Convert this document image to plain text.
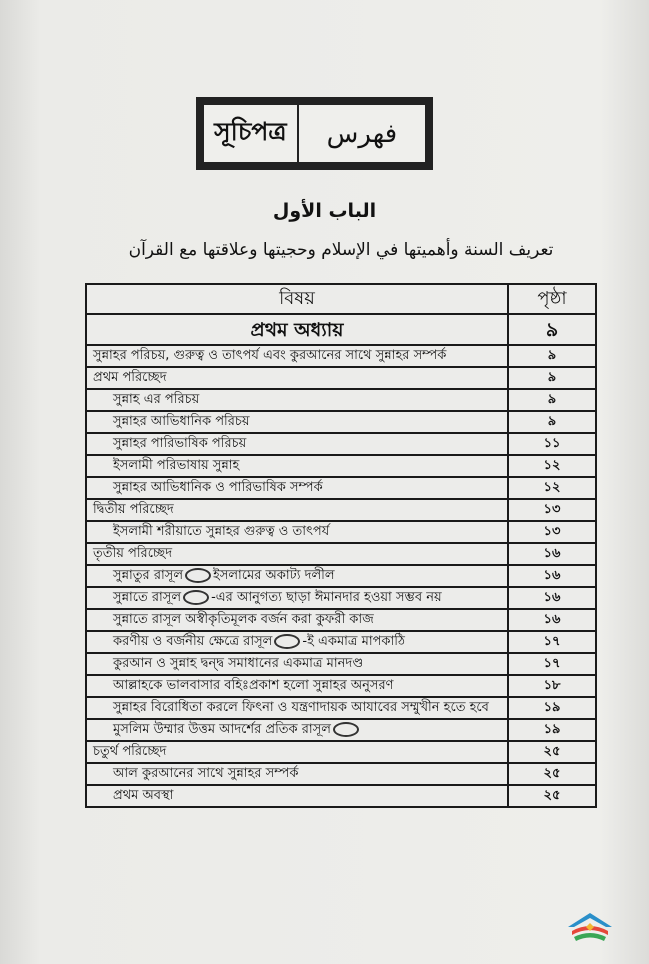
সূচিপত্র	فهرس
الباب الأول
تعريف السنة وأهميتها في الإسلام وحجيتها وعلاقتها مع القرآن
বিষয়	পৃষ্ঠা
প্রথম অধ্যায়	৯
সুন্নাহর পরিচয়, গুরুত্ব ও তাৎপর্য এবং কুরআনের সাথে সুন্নাহর সম্পর্ক	৯
প্রথম পরিচ্ছেদ	৯
সুন্নাহ এর পরিচয়	৯
সুন্নাহর আভিধানিক পরিচয়	৯
সুন্নাহর পারিভাষিক পরিচয়	১১
ইসলামী পরিভাষায় সুন্নাহ	১২
সুন্নাহর আভিধানিক ও পারিভাষিক সম্পর্ক	১২
দ্বিতীয় পরিচ্ছেদ	১৩
ইসলামী শরীয়াতে সুন্নাহর গুরুত্ব ও তাৎপর্য	১৩
তৃতীয় পরিচ্ছেদ	১৬
সুন্নাতুর রাসূল ইসলামের অকাট্য দলীল	১৬
সুন্নাতে রাসূল -এর আনুগত্য ছাড়া ঈমানদার হওয়া সম্ভব নয়	১৬
সুন্নাতে রাসূল অস্বীকৃতিমূলক বর্জন করা কুফরী কাজ	১৬
করণীয় ও বর্জনীয় ক্ষেত্রে রাসূল -ই একমাত্র মাপকাঠি	১৭
কুরআন ও সুন্নাহ দ্বন্দ্ব সমাধানের একমাত্র মানদণ্ড	১৭
আল্লাহকে ভালবাসার বহিঃপ্রকাশ হলো সুন্নাহর অনুসরণ	১৮
সুন্নাহর বিরোধিতা করলে ফিৎনা ও যন্ত্রণাদায়ক আযাবের সম্মুখীন হতে হবে	১৯
মুসলিম উম্মার উত্তম আদর্শের প্রতিক রাসূল	১৯
চতুর্থ পরিচ্ছেদ	২৫
আল কুরআনের সাথে সুন্নাহর সম্পর্ক	২৫
প্রথম অবস্থা	২৫
